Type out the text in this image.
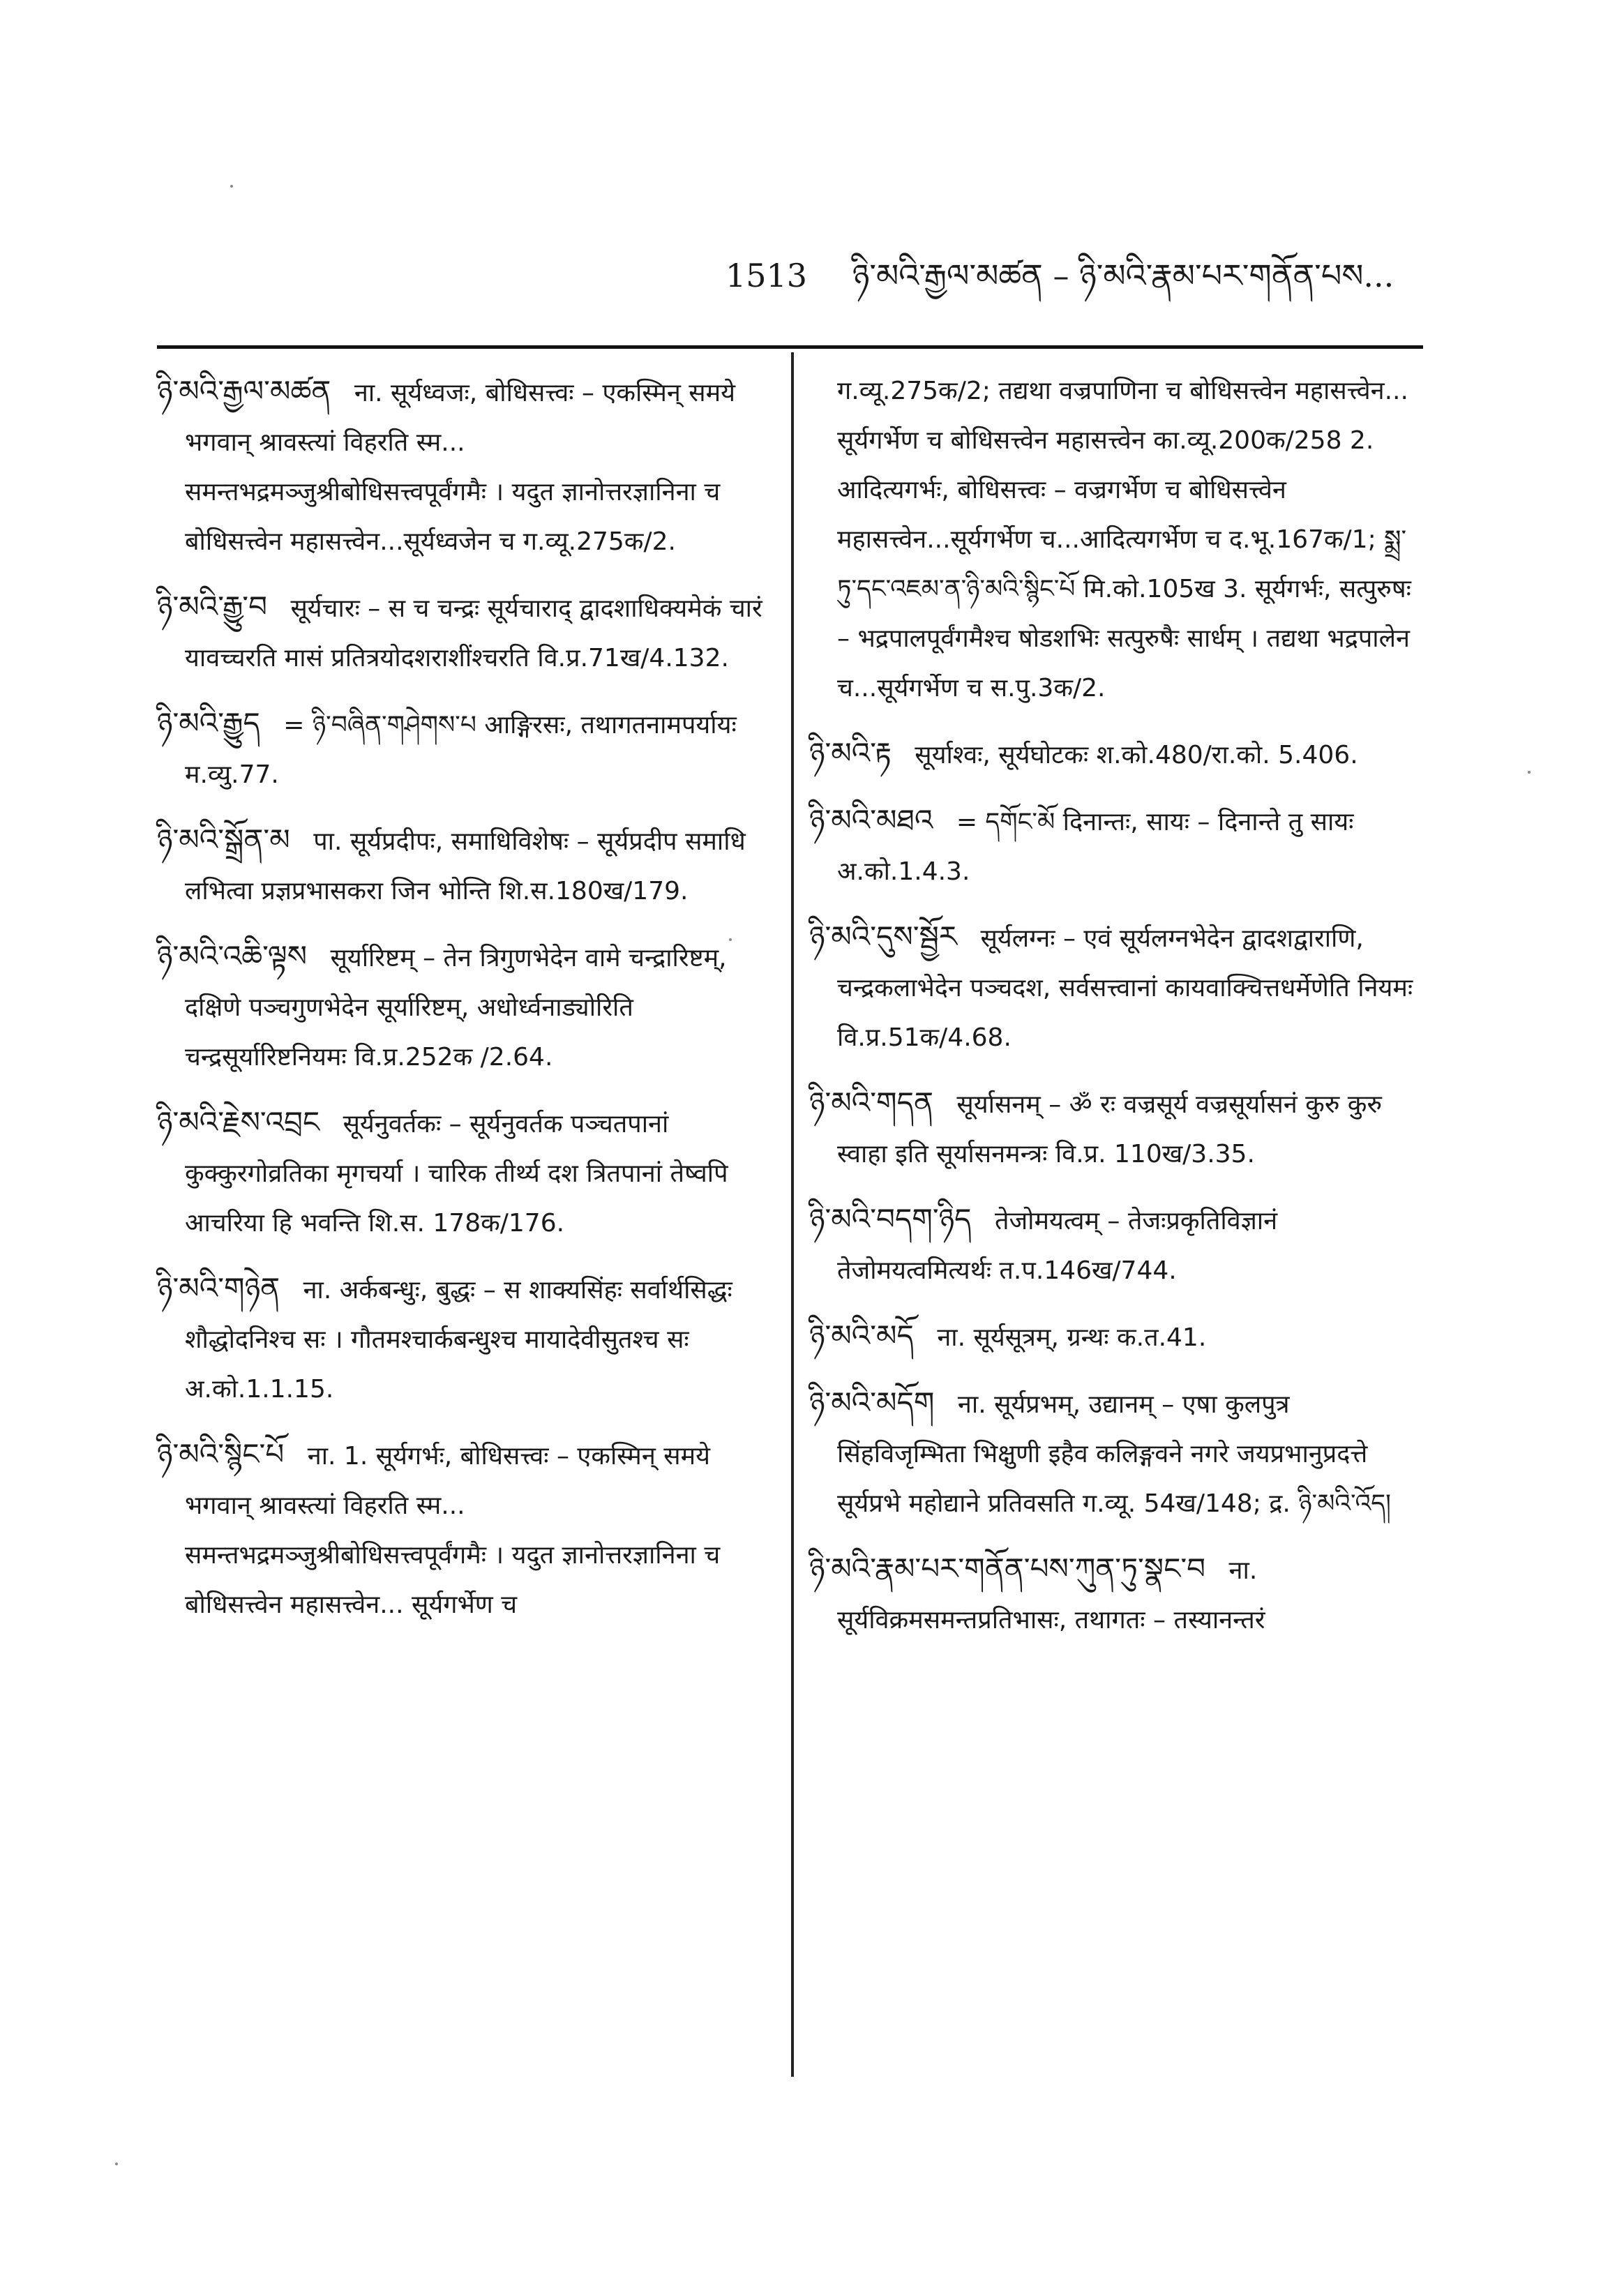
1513 ཉི་མའི་རྒྱལ་མཚན – ཉི་མའི་རྣམ་པར་གནོན་པས...
ཉི་མའི་རྒྱལ་མཚན ना. सूर्यध्वजः, बोधिसत्त्वः – एकस्मिन् समये भगवान् श्रावस्त्यां विहरति स्म... समन्तभद्रमञ्जुश्रीबोधिसत्त्वपूर्वंगमैः । यदुत ज्ञानोत्तरज्ञानिना च बोधिसत्त्वेन महासत्त्वेन...सूर्यध्वजेन च ग.व्यू.275क/2.
ཉི་མའི་རྒྱུ་བ सूर्यचारः – स च चन्द्रः सूर्यचाराद् द्वादशाधिक्यमेकं चारं यावच्चरति मासं प्रतित्रयोदशराशींश्चरति वि.प्र.71ख/4.132.
ཉི་མའི་རྒྱུད = ཉི་བཞིན་གཤེགས་པ आङ्गिरसः, तथागतनामपर्यायः म.व्यु.77.
ཉི་མའི་སྒྲོན་མ पा. सूर्यप्रदीपः, समाधिविशेषः – सूर्यप्रदीप समाधि लभित्वा प्रज्ञप्रभासकरा जिन भोन्ति शि.स.180ख/179.
ཉི་མའི་འཆི་ལྟས सूर्यारिष्टम् – तेन त्रिगुणभेदेन वामे चन्द्रारिष्टम्, दक्षिणे पञ्चगुणभेदेन सूर्यारिष्टम्, अधोर्ध्वनाड्योरिति चन्द्रसूर्यारिष्टनियमः वि.प्र.252क /2.64.
ཉི་མའི་རྗེས་འབྲང सूर्यनुवर्तकः – सूर्यनुवर्तक पञ्चतपानां कुक्कुरगोव्रतिका मृगचर्या । चारिक तीर्थ्य दश त्रितपानां तेष्वपि आचरिया हि भवन्ति शि.स. 178क/176.
ཉི་མའི་གཉེན ना. अर्कबन्धुः, बुद्धः – स शाक्यसिंहः सर्वार्थसिद्धः शौद्धोदनिश्च सः । गौतमश्चार्कबन्धुश्च मायादेवीसुतश्च सः अ.को.1.1.15.
ཉི་མའི་སྙིང་པོ ना. 1. सूर्यगर्भः, बोधिसत्त्वः – एकस्मिन् समये भगवान् श्रावस्त्यां विहरति स्म... समन्तभद्रमञ्जुश्रीबोधिसत्त्वपूर्वंगमैः । यदुत ज्ञानोत्तरज्ञानिना च बोधिसत्त्वेन महासत्त्वेन... सूर्यगर्भेण च
ग.व्यू.275क/2; तद्यथा वज्रपाणिना च बोधिसत्त्वेन महासत्त्वेन... सूर्यगर्भेण च बोधिसत्त्वेन महासत्त्वेन का.व्यू.200क/258 2. आदित्यगर्भः, बोधिसत्त्वः – वज्रगर्भेण च बोधिसत्त्वेन महासत्त्वेन...सूर्यगर्भेण च...आदित्यगर्भेण च द.भू.167क/1; སྨྲ་ཏུ་དང་འཇམ་ན་ཉི་མའི་སྙིང་པོ मि.को.105ख 3. सूर्यगर्भः, सत्पुरुषः – भद्रपालपूर्वंगमैश्च षोडशभिः सत्पुरुषैः सार्धम् । तद्यथा भद्रपालेन च...सूर्यगर्भेण च स.पु.3क/2.
ཉི་མའི་རྟ सूर्याश्वः, सूर्यघोटकः श.को.480/रा.को. 5.406.
ཉི་མའི་མཐའ = དགོང་མོ दिनान्तः, सायः – दिनान्ते तु सायः अ.को.1.4.3.
ཉི་མའི་དུས་སྦྱོར सूर्यलग्नः – एवं सूर्यलग्नभेदेन द्वादशद्वाराणि, चन्द्रकलाभेदेन पञ्चदश, सर्वसत्त्वानां कायवाक्चित्तधर्मेणेति नियमः वि.प्र.51क/4.68.
ཉི་མའི་གདན सूर्यासनम् – ॐ रः वज्रसूर्य वज्रसूर्यासनं कुरु कुरु स्वाहा इति सूर्यासनमन्त्रः वि.प्र. 110ख/3.35.
ཉི་མའི་བདག་ཉིད तेजोमयत्वम् – तेजःप्रकृतिविज्ञानं तेजोमयत्वमित्यर्थः त.प.146ख/744.
ཉི་མའི་མདོ ना. सूर्यसूत्रम्, ग्रन्थः क.त.41.
ཉི་མའི་མདོག ना. सूर्यप्रभम्, उद्यानम् – एषा कुलपुत्र सिंहविजृम्भिता भिक्षुणी इहैव कलिङ्गवने नगरे जयप्रभानुप्रदत्ते सूर्यप्रभे महोद्याने प्रतिवसति ग.व्यू. 54ख/148; द्र. ཉི་མའི་འོད།
ཉི་མའི་རྣམ་པར་གནོན་པས་ཀུན་ཏུ་སྣང་བ ना. सूर्यविक्रमसमन्तप्रतिभासः, तथागतः – तस्यानन्तरं
